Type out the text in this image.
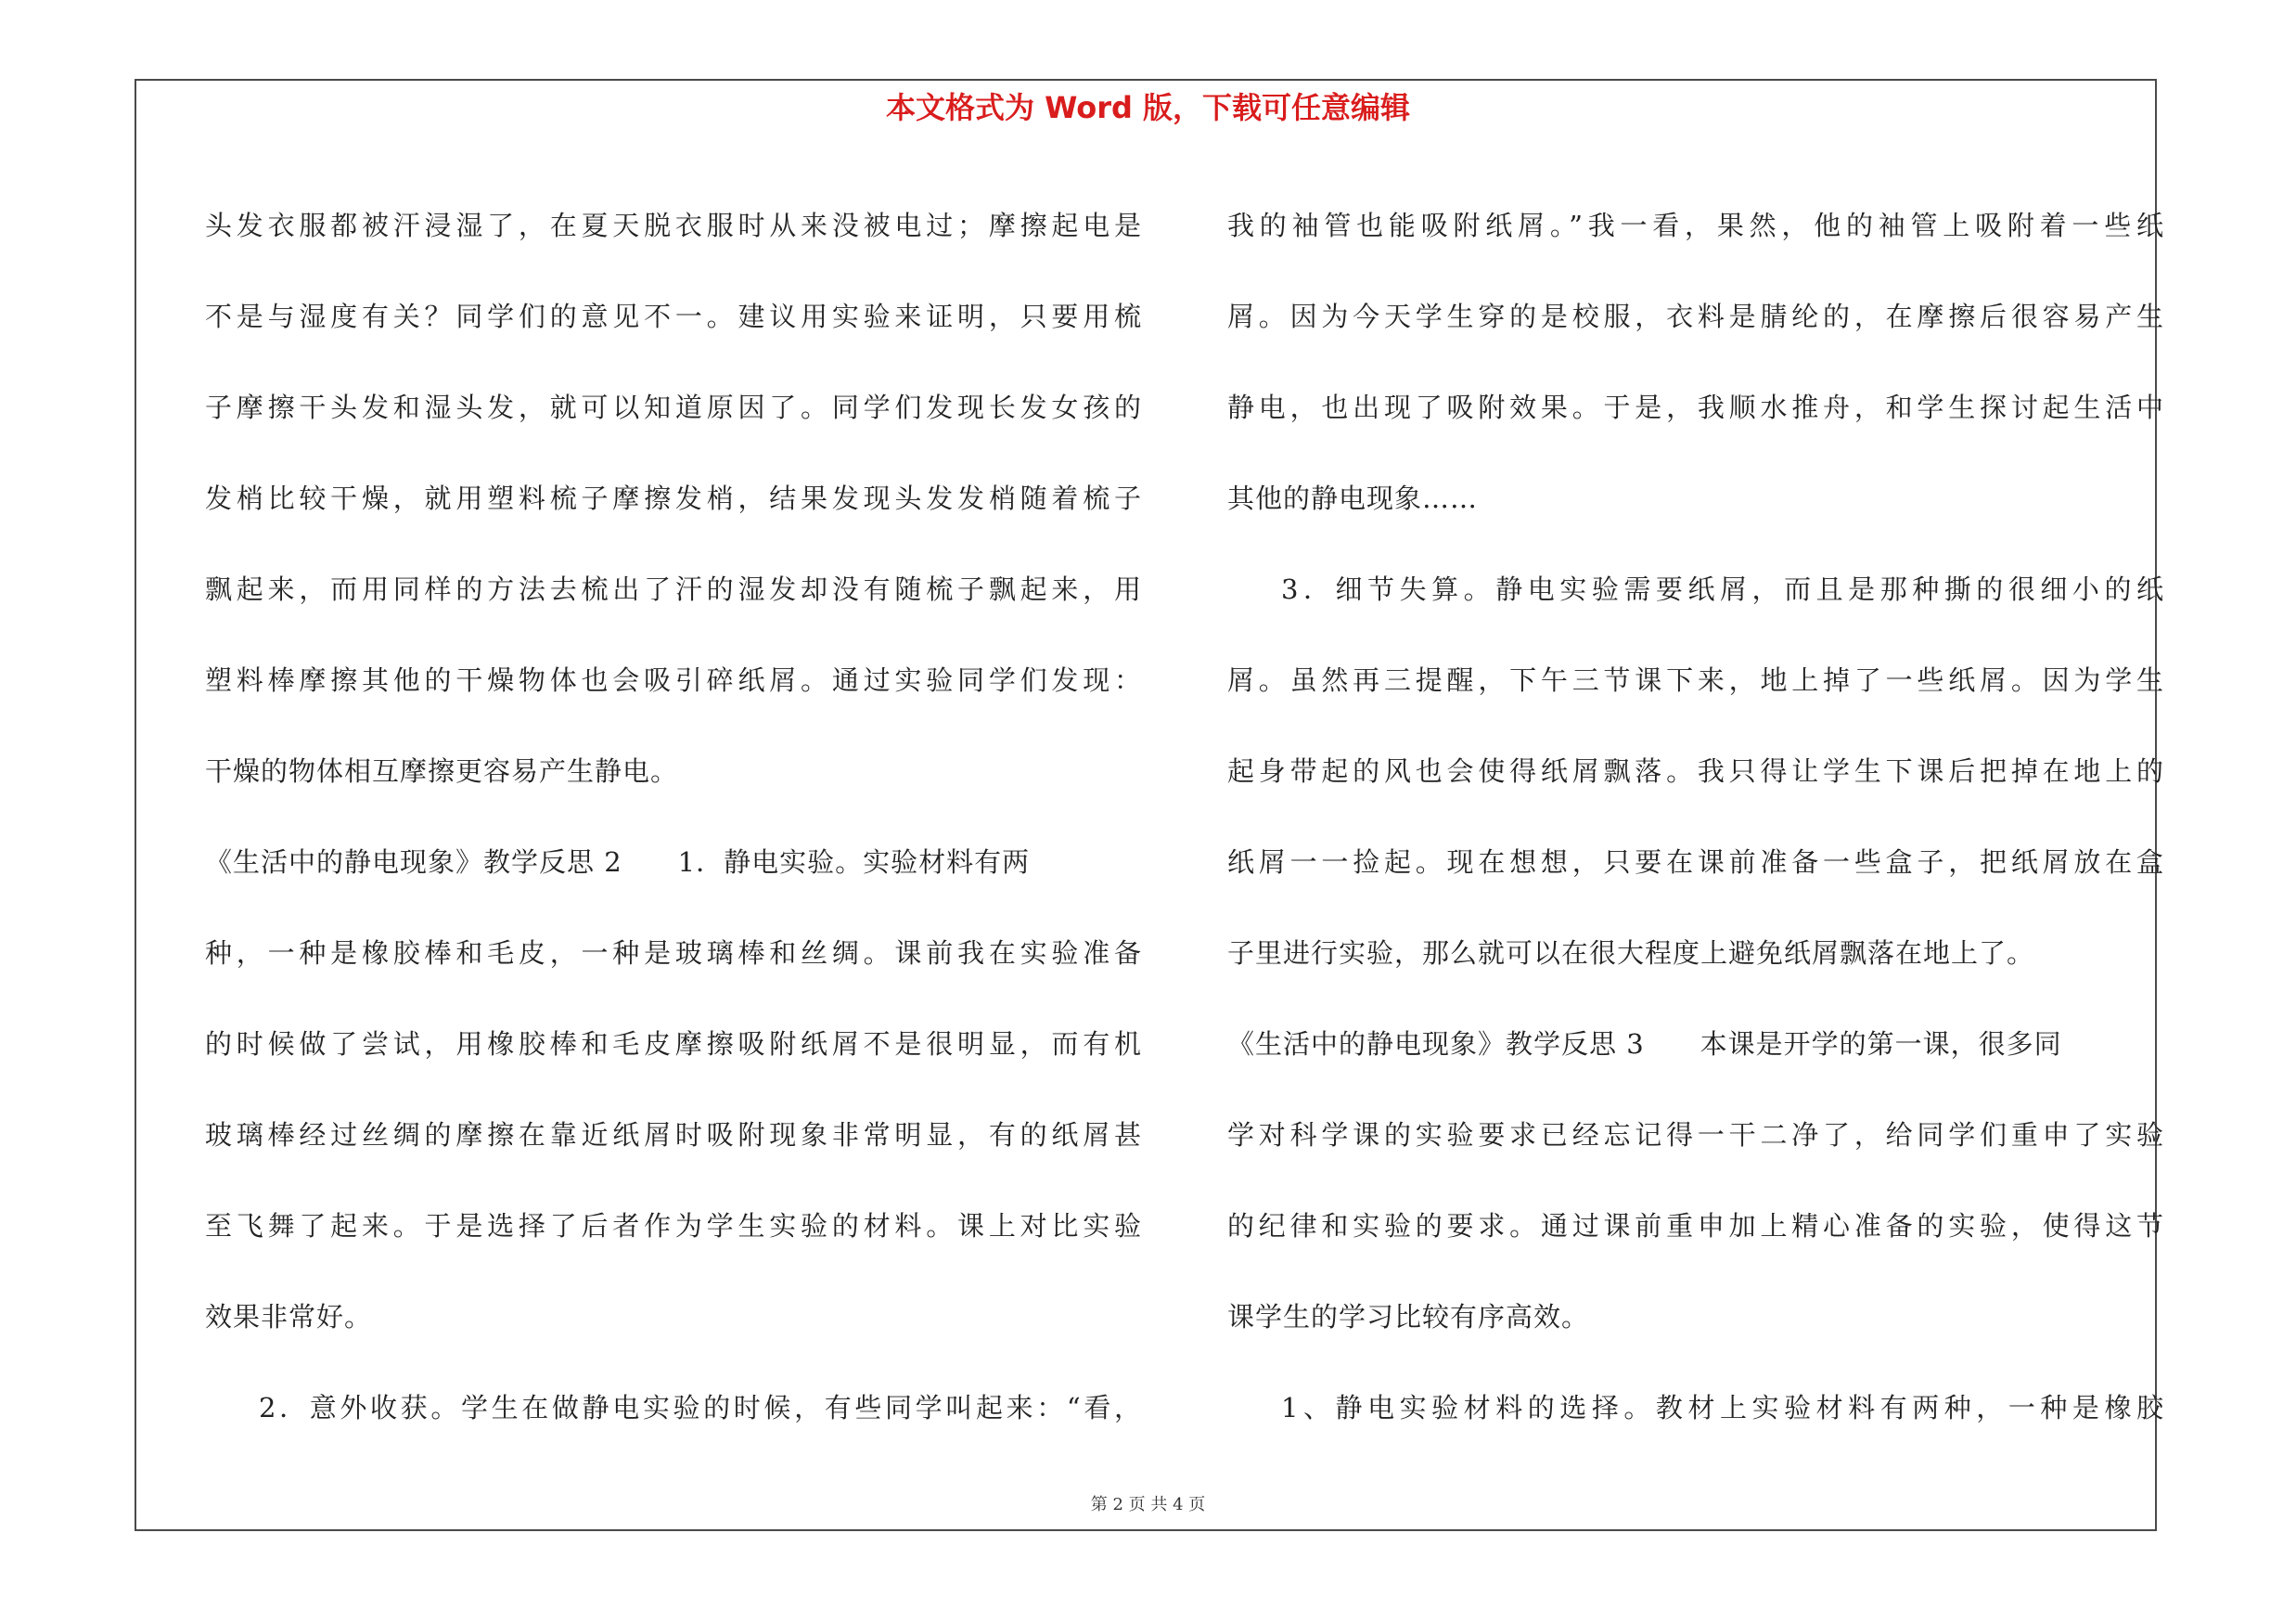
本文格式为 Word 版，下载可任意编辑
头发衣服都被汗浸湿了，在夏天脱衣服时从来没被电过；摩擦起电是
不是与湿度有关？同学们的意见不一。建议用实验来证明，只要用梳
子摩擦干头发和湿头发，就可以知道原因了。同学们发现长发女孩的
发梢比较干燥，就用塑料梳子摩擦发梢，结果发现头发发梢随着梳子
飘起来，而用同样的方法去梳出了汗的湿发却没有随梳子飘起来，用
塑料棒摩擦其他的干燥物体也会吸引碎纸屑。通过实验同学们发现：
干燥的物体相互摩擦更容易产生静电。
《生活中的静电现象》教学反思 2　　1．静电实验。实验材料有两
种，一种是橡胶棒和毛皮，一种是玻璃棒和丝绸。课前我在实验准备
的时候做了尝试，用橡胶棒和毛皮摩擦吸附纸屑不是很明显，而有机
玻璃棒经过丝绸的摩擦在靠近纸屑时吸附现象非常明显，有的纸屑甚
至飞舞了起来。于是选择了后者作为学生实验的材料。课上对比实验
效果非常好。
2．意外收获。学生在做静电实验的时候，有些同学叫起来：“看，
我的袖管也能吸附纸屑。”我一看，果然，他的袖管上吸附着一些纸
屑。因为今天学生穿的是校服，衣料是腈纶的，在摩擦后很容易产生
静电，也出现了吸附效果。于是，我顺水推舟，和学生探讨起生活中
其他的静电现象……
3．细节失算。静电实验需要纸屑，而且是那种撕的很细小的纸
屑。虽然再三提醒，下午三节课下来，地上掉了一些纸屑。因为学生
起身带起的风也会使得纸屑飘落。我只得让学生下课后把掉在地上的
纸屑一一捡起。现在想想，只要在课前准备一些盒子，把纸屑放在盒
子里进行实验，那么就可以在很大程度上避免纸屑飘落在地上了。
《生活中的静电现象》教学反思 3　　本课是开学的第一课，很多同
学对科学课的实验要求已经忘记得一干二净了，给同学们重申了实验
的纪律和实验的要求。通过课前重申加上精心准备的实验，使得这节
课学生的学习比较有序高效。
1、静电实验材料的选择。教材上实验材料有两种，一种是橡胶
第 2 页 共 4 页
